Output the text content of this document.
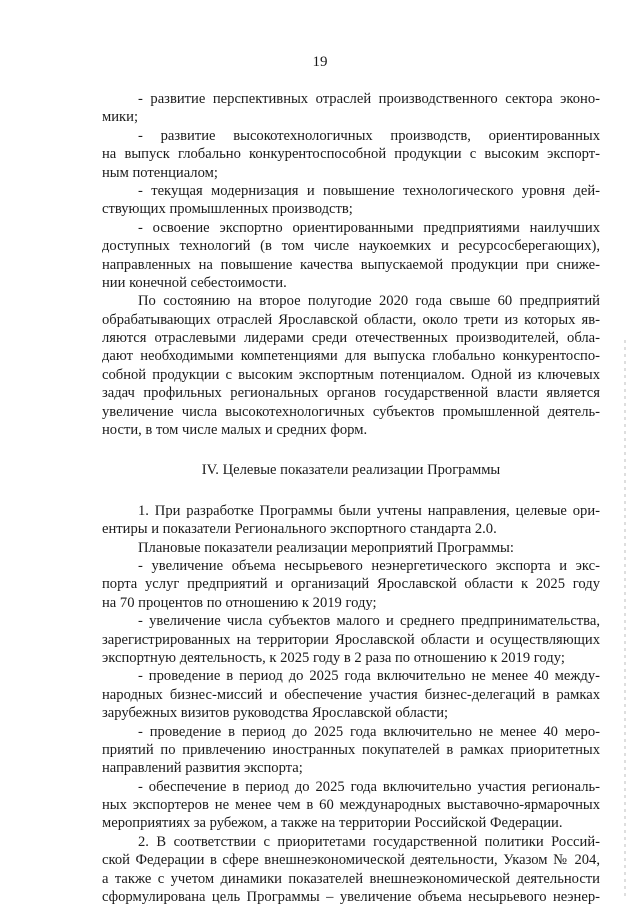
19
- развитие перспективных отраслей производственного сектора эконо-
мики;
- развитие высокотехнологичных производств, ориентированных
на выпуск глобально конкурентоспособной продукции с высоким экспорт-
ным потенциалом;
- текущая модернизация и повышение технологического уровня дей-
ствующих промышленных производств;
- освоение экспортно ориентированными предприятиями наилучших
доступных технологий (в том числе наукоемких и ресурсосберегающих),
направленных на повышение качества выпускаемой продукции при сниже-
нии конечной себестоимости.
По состоянию на второе полугодие 2020 года свыше 60 предприятий
обрабатывающих отраслей Ярославской области, около трети из которых яв-
ляются отраслевыми лидерами среди отечественных производителей, обла-
дают необходимыми компетенциями для выпуска глобально конкурентоспо-
собной продукции с высоким экспортным потенциалом. Одной из ключевых
задач профильных региональных органов государственной власти является
увеличение числа высокотехнологичных субъектов промышленной деятель-
ности, в том числе малых и средних форм.
IV. Целевые показатели реализации Программы
1. При разработке Программы были учтены направления, целевые ори-
ентиры и показатели Регионального экспортного стандарта 2.0.
Плановые показатели реализации мероприятий Программы:
- увеличение объема несырьевого неэнергетического экспорта и экс-
порта услуг предприятий и организаций Ярославской области к 2025 году
на 70 процентов по отношению к 2019 году;
- увеличение числа субъектов малого и среднего предпринимательства,
зарегистрированных на территории Ярославской области и осуществляющих
экспортную деятельность, к 2025 году в 2 раза по отношению к 2019 году;
- проведение в период до 2025 года включительно не менее 40 между-
народных бизнес-миссий и обеспечение участия бизнес-делегаций в рамках
зарубежных визитов руководства Ярославской области;
- проведение в период до 2025 года включительно не менее 40 меро-
приятий по привлечению иностранных покупателей в рамках приоритетных
направлений развития экспорта;
- обеспечение в период до 2025 года включительно участия региональ-
ных экспортеров не менее чем в 60 международных выставочно-ярмарочных
мероприятиях за рубежом, а также на территории Российской Федерации.
2. В соответствии с приоритетами государственной политики Россий-
ской Федерации в сфере внешнеэкономической деятельности, Указом № 204,
а также с учетом динамики показателей внешнеэкономической деятельности
сформулирована цель Программы – увеличение объема несырьевого неэнер-
